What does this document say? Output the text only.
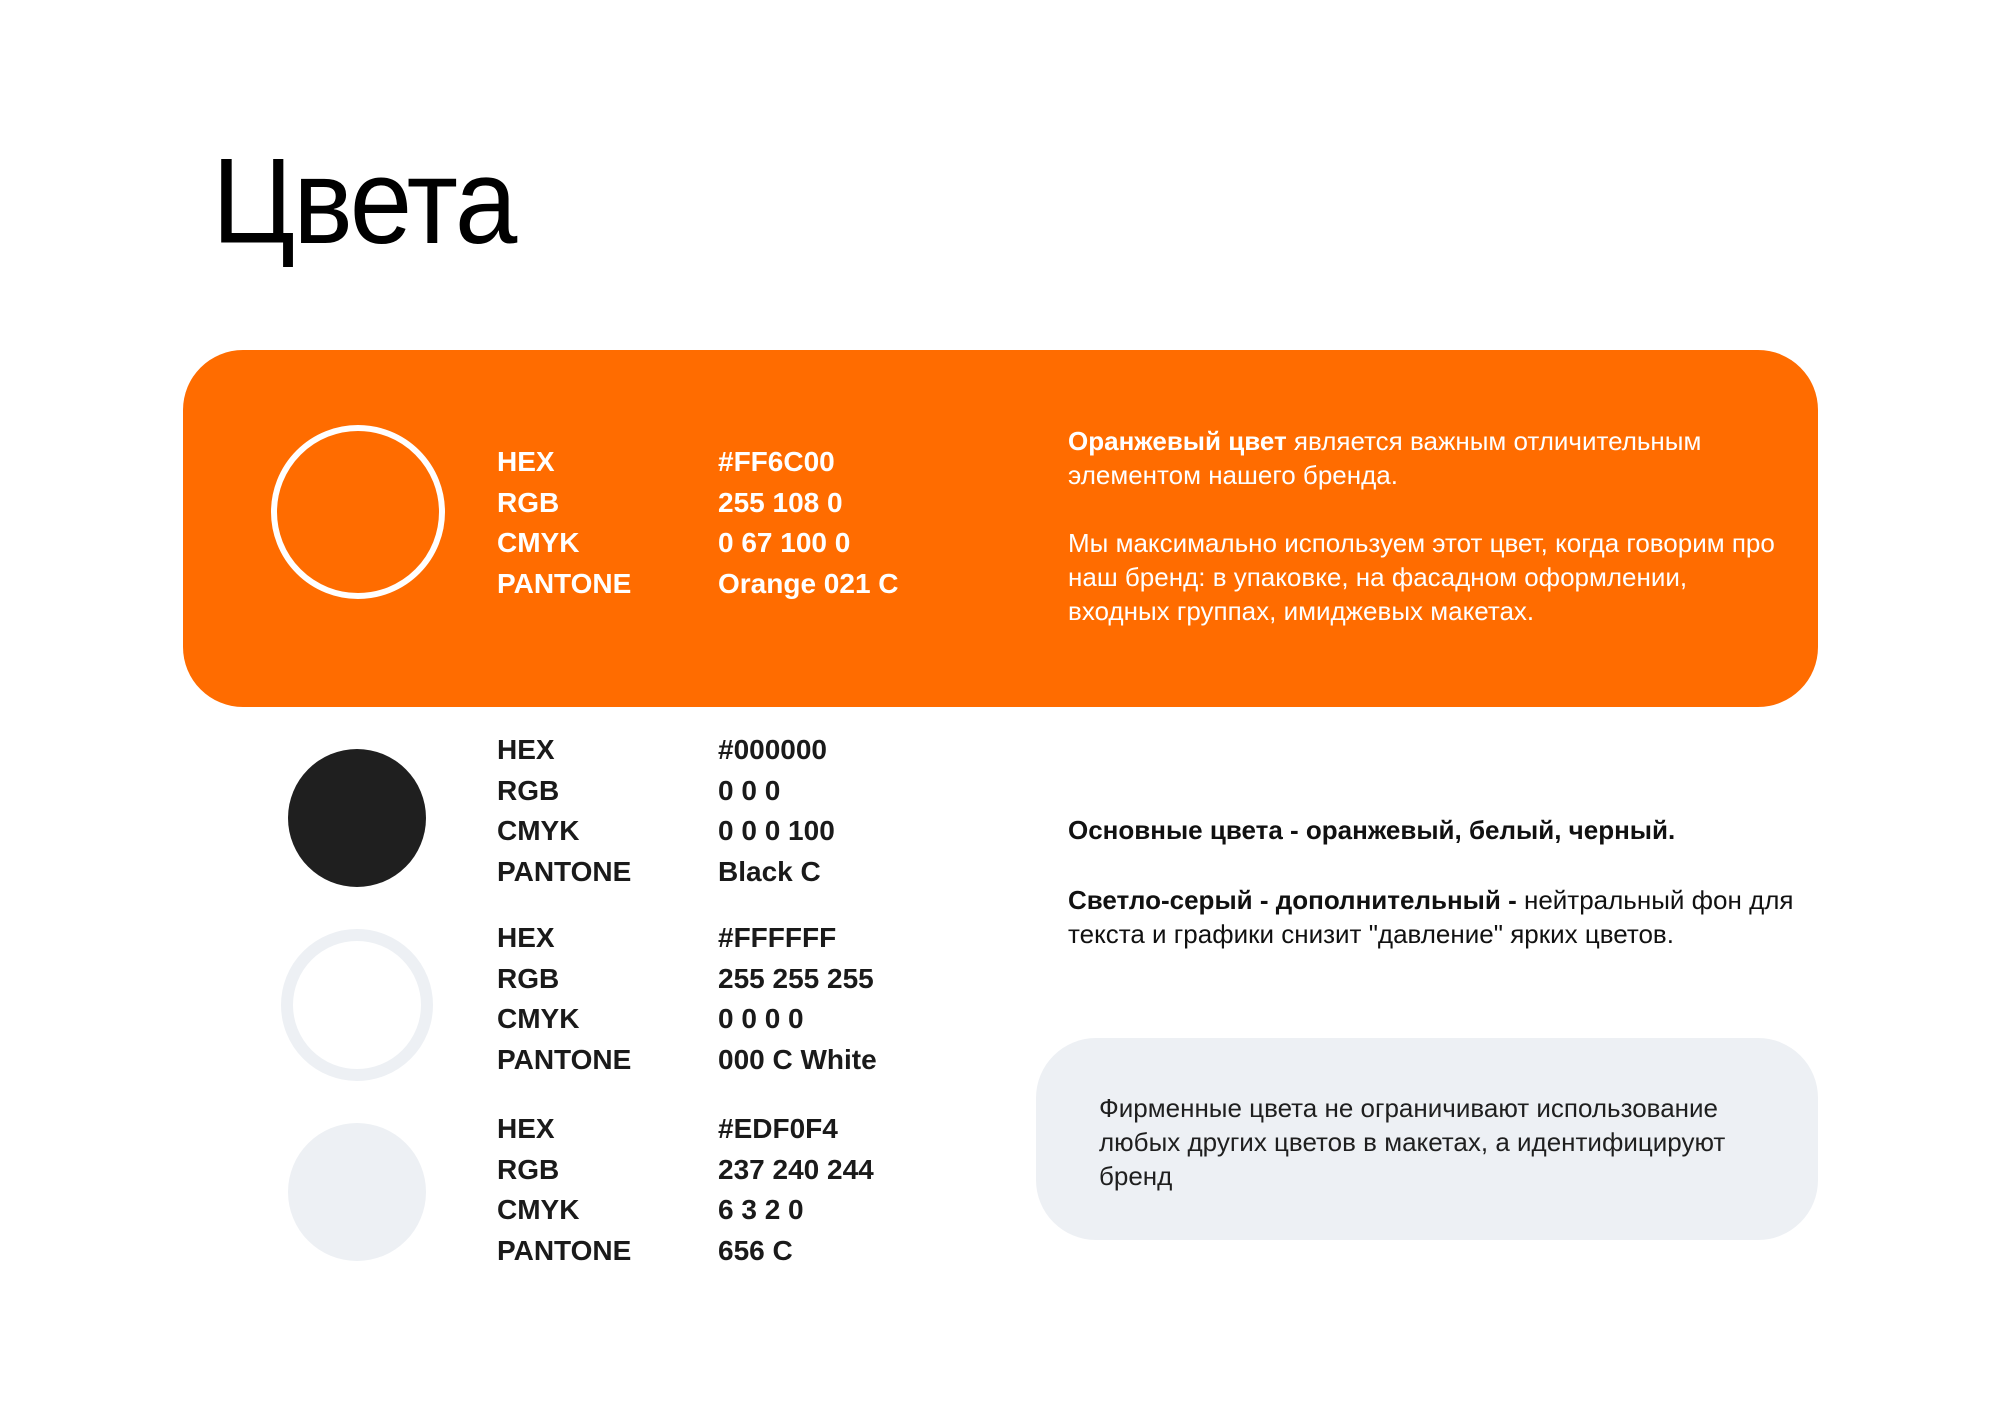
Цвета
HEX	#FF6C00
RGB	255 108 0
CMYK	0 67 100 0
PANTONE	Orange 021 C
Оранжевый цвет является важным отличительным элементом нашего бренда.
Мы максимально используем этот цвет, когда говорим про наш бренд: в упаковке, на фасадном оформлении, входных группах, имиджевых макетах.
HEX	#000000
RGB	0 0 0
CMYK	0 0 0 100
PANTONE	Black C
HEX	#FFFFFF
RGB	255 255 255
CMYK	0 0 0 0
PANTONE	000 C White
HEX	#EDF0F4
RGB	237 240 244
CMYK	6 3 2 0
PANTONE	656 C
Основные цвета - оранжевый, белый, черный.
Светло-серый - дополнительный - нейтральный фон для текста и графики снизит "давление" ярких цветов.
Фирменные цвета не ограничивают использование любых других цветов в макетах, а идентифицируют бренд
